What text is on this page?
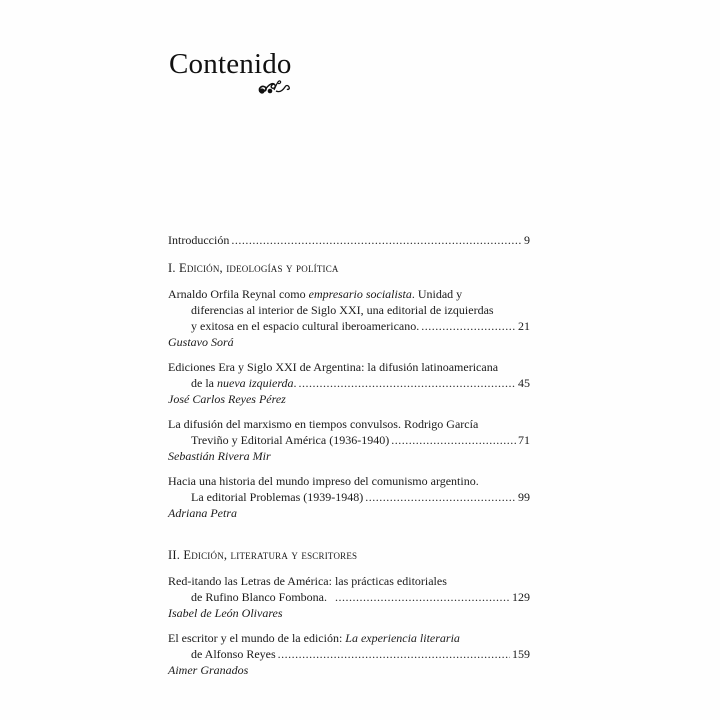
Contenido
Introducción .....	9
I. Edición, ideologías y política
Arnaldo Orfila Reynal como empresario socialista. Unidad y
diferencias al interior de Siglo XXI, una editorial de izquierdas
y exitosa en el espacio cultural iberoamericano. .....	21
Gustavo Sorá
Ediciones Era y Siglo XXI de Argentina: la difusión latinoamericana
de la nueva izquierda. .....	45
José Carlos Reyes Pérez
La difusión del marxismo en tiempos convulsos. Rodrigo García
Treviño y Editorial América (1936-1940) .....	71
Sebastián Rivera Mir
Hacia una historia del mundo impreso del comunismo argentino.
La editorial Problemas (1939-1948) .....	99
Adriana Petra
II. Edición, literatura y escritores
Red-itando las Letras de América: las prácticas editoriales
de Rufino Blanco Fombona. .....	129
Isabel de León Olivares
El escritor y el mundo de la edición: La experiencia literaria
de Alfonso Reyes .....	159
Aimer Granados
